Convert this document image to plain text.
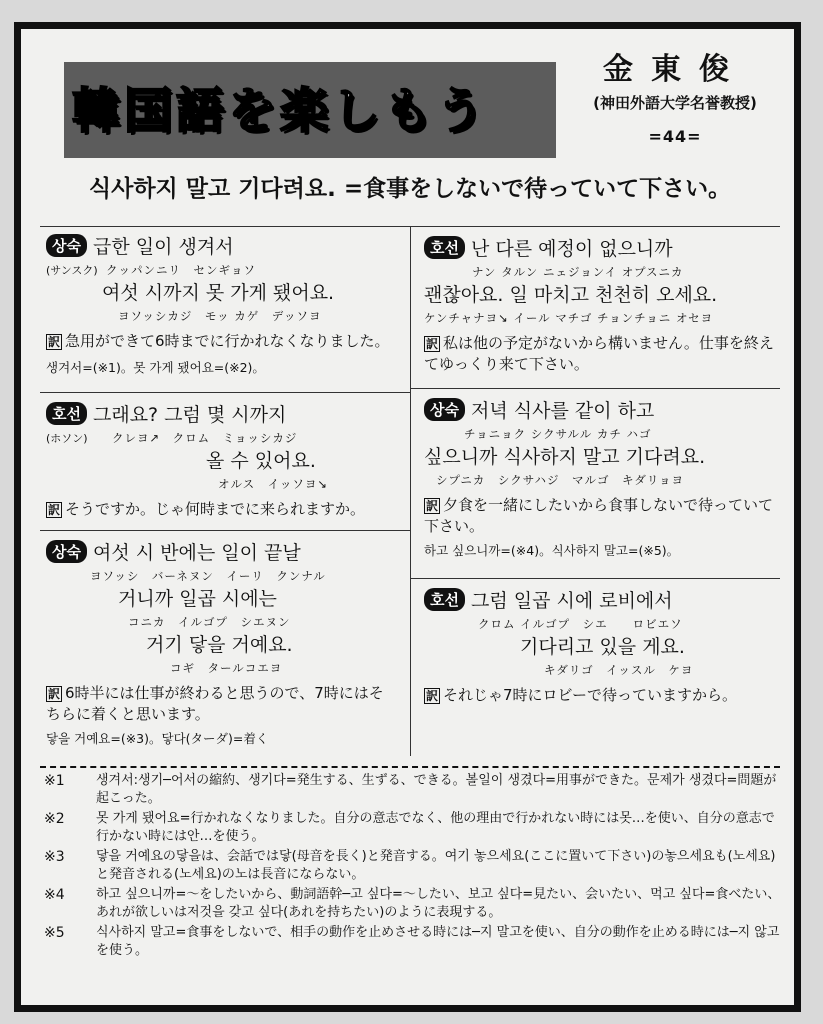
韓国語を楽しもう
金東俊
(神田外語大学名誉教授)
=44=
식사하지 말고 기다려요. =食事をしないで待っていて下さい。
상숙 급한 일이 생겨서
(サンスク) クッパンニリ　センギョソ
여섯 시까지 못 가게 됐어요.
ヨソッシカジ　モッ カゲ　デッソヨ
訳 急用ができて6時までに行かれなくなりました。
생겨서=(※1)。못 가게 됐어요=(※2)。
호선 그래요? 그럼 몇 시까지
(ホソン) クレヨ↗　クロム　ミョッシカジ
올 수 있어요.
オルス　イッソヨ↘
訳 そうですか。じゃ何時までに来られますか。
상숙 여섯 시 반에는 일이 끝날
ヨソッシ　バーネヌン　イーリ　クンナル
거니까 일곱 시에는
コニカ　イルゴプ　シエヌン
거기 닿을 거예요.
コギ　タールコエヨ
訳 6時半には仕事が終わると思うので、7時にはそちらに着くと思います。
닿을 거예요=(※3)。닿다(ターダ)=着く
호선 난 다른 예정이 없으니까
ナン タルン ニェジョンイ オプスニカ
괜찮아요. 일 마치고 천천히 오세요.
ケンチャナヨ↘ イール マチゴ チョンチョニ オセヨ
訳 私は他の予定がないから構いません。仕事を終えてゆっくり来て下さい。
상숙 저녁 식사를 같이 하고
チョニョク シクサルル カチ ハゴ
싶으니까 식사하지 말고 기다려요.
シプニカ　シクサハジ　マルゴ　キダリョヨ
訳 夕食を一緒にしたいから食事しないで待っていて下さい。
하고 싶으니까=(※4)。식사하지 말고=(※5)。
호선 그럼 일곱 시에 로비에서
クロム イルゴプ　シエ　　ロビエソ
기다리고 있을 게요.
キダリゴ　イッスル　ケヨ
訳 それじゃ7時にロビーで待っていますから。
※1	생겨서:생기─어서の縮約、생기다=発生する、生ずる、できる。볼일이 생겼다=用事ができた。문제가 생겼다=問題が起こった。
※2	못 가게 됐어요=行かれなくなりました。自分の意志でなく、他の理由で行かれない時には못…を使い、自分の意志で行かない時には안…を使う。
※3	닿을 거예요の닿을は、会話では닿(母音を長く)と発音する。여기 놓으세요(ここに置いて下さい)の놓으세요も(노세요)と発音される(노세요)の노は長音にならない。
※4	하고 싶으니까=〜をしたいから、動詞語幹─고 싶다=〜したい、보고 싶다=見たい、会いたい、먹고 싶다=食べたい、あれが欲しいは저것을 갖고 싶다(あれを持ちたい)のように表現する。
※5	식사하지 말고=食事をしないで、相手の動作を止めさせる時には─지 말고を使い、自分の動作を止める時には─지 않고を使う。
